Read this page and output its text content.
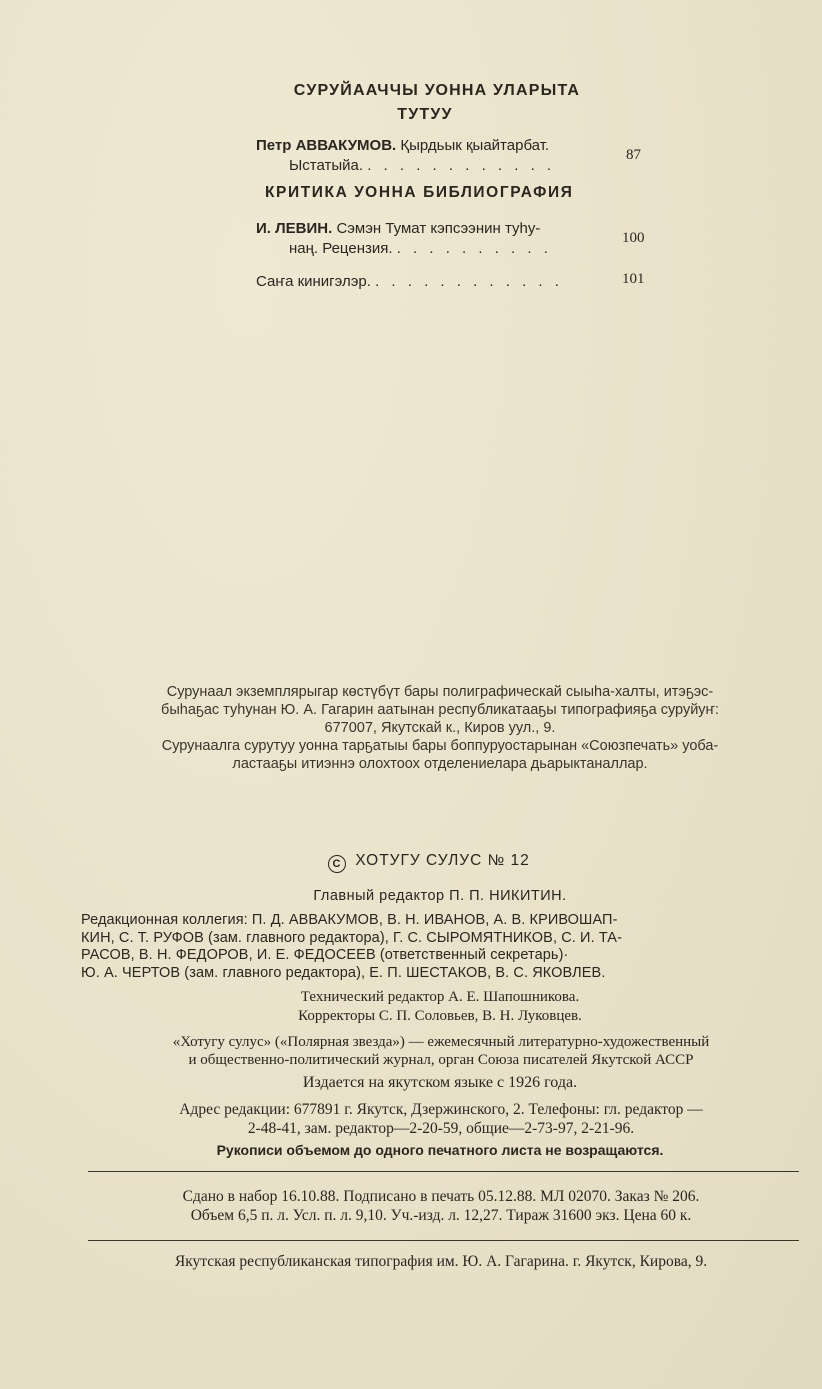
СУРУЙААЧЧЫ УОННА УЛАРЫТА
ТУТУУ
Петр АВВАКУМОВ. Қырдьык қыайтарбат.
Ыстатыйа. . . . . . . . . . . . .
87
КРИТИКА УОННА БИБЛИОГРАФИЯ
И. ЛЕВИН. Сэмэн Тумат кэпсээнин туһу-
наң. Рецензия. . . . . . . . . . .
100
Саҥа кинигэлэр. . . . . . . . . . . . .	101
Сурунаал экземплярыгар көстүбүт бары полиграфическай сыыһа-халты, итэҕэс-
быһаҕас туһунан Ю. А. Гагарин аатынан республикатааҕы типографияҕа суруйуҥ:
677007, Якутскай к., Киров уул., 9.
Сурунаалга сурутуу уонна тарҕатыы бары боппуруостарынан «Союзпечать» уоба-
ластааҕы итиэннэ олохтоох отделениелара дьарыктаналлар.
C ХОТУГУ СУЛУС № 12
Главный редактор П. П. НИКИТИН.
Редакционная коллегия: П. Д. АВВАКУМОВ, В. Н. ИВАНОВ, А. В. КРИВОШАП-
КИН, С. Т. РУФОВ (зам. главного редактора), Г. С. СЫРОМЯТНИКОВ, С. И. ТА-
РАСОВ, В. Н. ФЕДОРОВ, И. Е. ФЕДОСЕЕВ (ответственный секретарь)·
Ю. А. ЧЕРТОВ (зам. главного редактора), Е. П. ШЕСТАКОВ, В. С. ЯКОВЛЕВ.
Технический редактор А. Е. Шапошникова.
Корректоры С. П. Соловьев, В. Н. Луковцев.
«Хотугу сулус» («Полярная звезда») — ежемесячный литературно-художественный
и общественно-политический журнал, орган Союза писателей Якутской АССР
Издается на якутском языке с 1926 года.
Адрес редакции: 677891 г. Якутск, Дзержинского, 2. Телефоны: гл. редактор —
2-48-41, зам. редактор—2-20-59, общие—2-73-97, 2-21-96.
Рукописи объемом до одного печатного листа не возращаются.
Сдано в набор 16.10.88. Подписано в печать 05.12.88. МЛ 02070. Заказ № 206.
Объем 6,5 п. л. Усл. п. л. 9,10. Уч.-изд. л. 12,27. Тираж 31600 экз. Цена 60 к.
Якутская республиканская типография им. Ю. А. Гагарина. г. Якутск, Кирова, 9.
